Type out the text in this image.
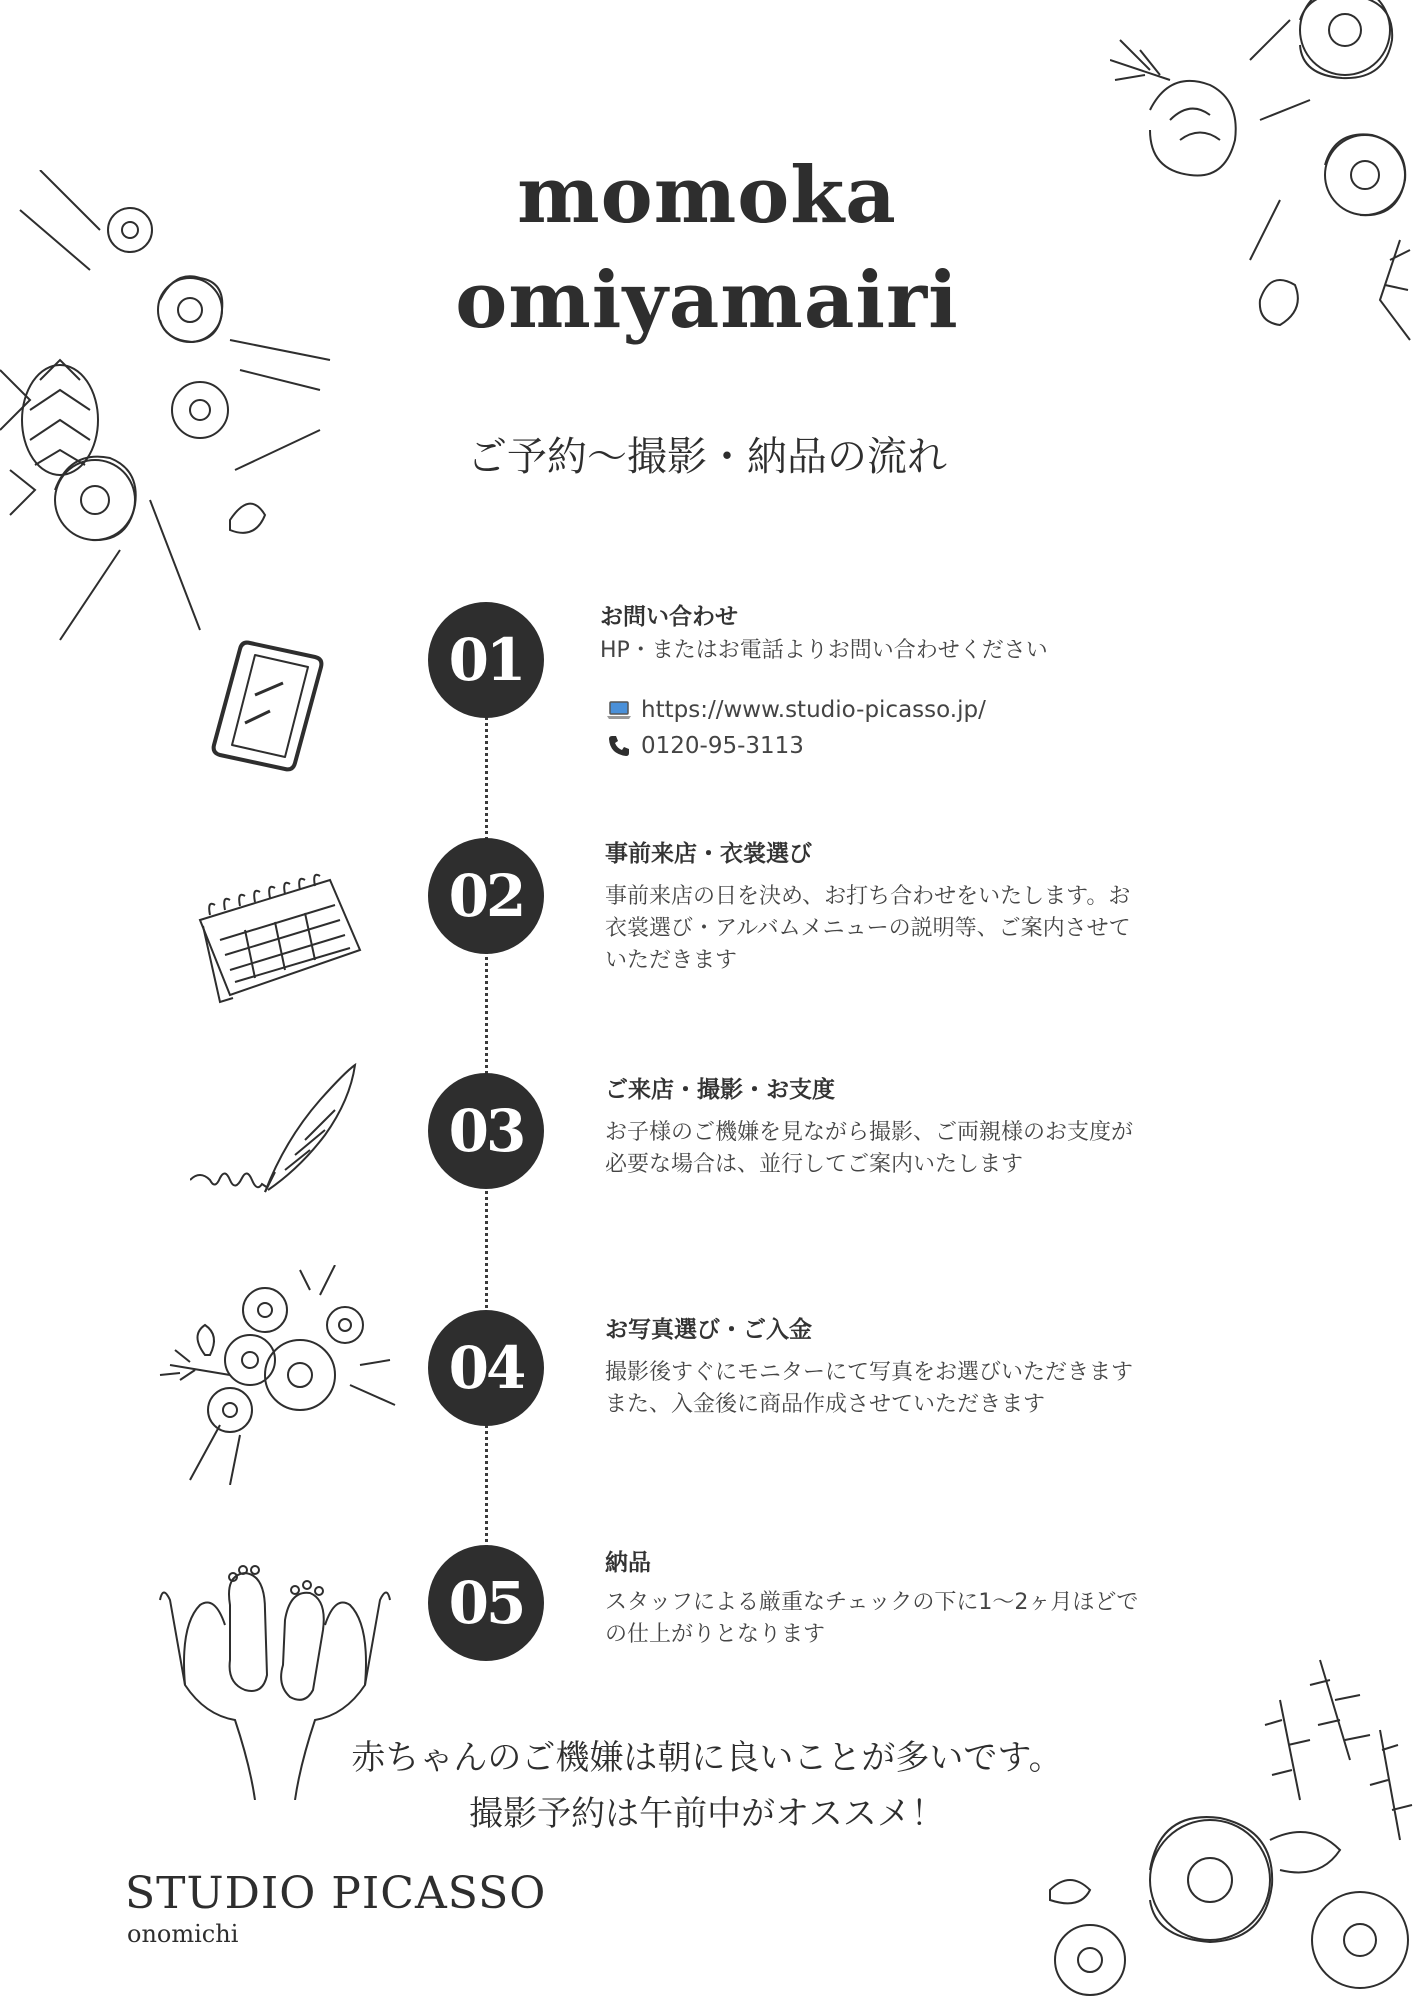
momoka
omiyamairi
ご予約～撮影・納品の流れ
01
お問い合わせ
HP・またはお電話よりお問い合わせください
https://www.studio-picasso.jp/
0120-95-3113
02
事前来店・衣裳選び
事前来店の日を決め、お打ち合わせをいたします。お衣裳選び・アルバムメニューの説明等、ご案内させていただきます
03
ご来店・撮影・お支度
お子様のご機嫌を見ながら撮影、ご両親様のお支度が必要な場合は、並行してご案内いたします
04
お写真選び・ご入金
撮影後すぐにモニターにて写真をお選びいただきます
また、入金後に商品作成させていただきます
05
納品
スタッフによる厳重なチェックの下に1～2ヶ月ほどでの仕上がりとなります
赤ちゃんのご機嫌は朝に良いことが多いです。
撮影予約は午前中がオススメ！
STUDIO PICASSO
onomichi
